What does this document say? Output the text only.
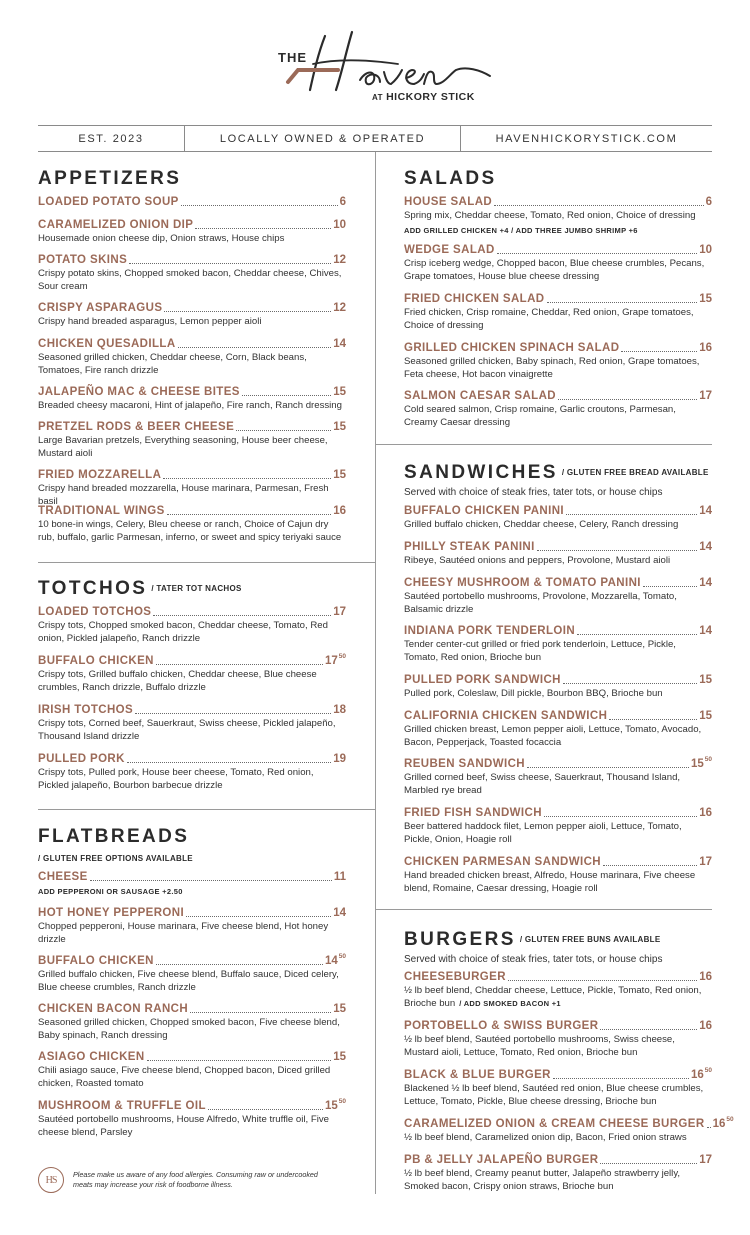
THE
AT HICKORY STICK
EST. 2023	LOCALLY OWNED & OPERATED	HAVENHICKORYSTICK.COM
APPETIZERS
LOADED POTATO SOUP	6
CARAMELIZED ONION DIP	10
Housemade onion cheese dip, Onion straws, House chips
POTATO SKINS	12
Crispy potato skins, Chopped smoked bacon, Cheddar cheese, Chives, Sour cream
CRISPY ASPARAGUS	12
Crispy hand breaded asparagus, Lemon pepper aioli
CHICKEN QUESADILLA	14
Seasoned grilled chicken, Cheddar cheese, Corn, Black beans, Tomatoes, Fire ranch drizzle
JALAPEÑO MAC & CHEESE BITES	15
Breaded cheesy macaroni, Hint of jalapeño, Fire ranch, Ranch dressing
PRETZEL RODS & BEER CHEESE	15
Large Bavarian pretzels, Everything seasoning, House beer cheese, Mustard aioli
FRIED MOZZARELLA	15
Crispy hand breaded mozzarella, House marinara, Parmesan, Fresh basil
TRADITIONAL WINGS	16
10 bone-in wings, Celery, Bleu cheese or ranch, Choice of Cajun dry rub, buffalo, garlic Parmesan, inferno, or sweet and spicy teriyaki sauce
TOTCHOS / TATER TOT NACHOS
LOADED TOTCHOS	17
Crispy tots, Chopped smoked bacon, Cheddar cheese, Tomato, Red onion, Pickled jalapeño, Ranch drizzle
BUFFALO CHICKEN	$17^{50}$
Crispy tots, Grilled buffalo chicken, Cheddar cheese, Blue cheese crumbles, Ranch drizzle, Buffalo drizzle
IRISH TOTCHOS	18
Crispy tots, Corned beef, Sauerkraut, Swiss cheese, Pickled jalapeño, Thousand Island drizzle
PULLED PORK	19
Crispy tots, Pulled pork, House beer cheese, Tomato, Red onion, Pickled jalapeño, Bourbon barbecue drizzle
FLATBREADS
/ GLUTEN FREE OPTIONS AVAILABLE
CHEESE	11
ADD PEPPERONI OR SAUSAGE +2.50
HOT HONEY PEPPERONI	14
Chopped pepperoni, House marinara, Five cheese blend, Hot honey drizzle
BUFFALO CHICKEN	$14^{50}$
Grilled buffalo chicken, Five cheese blend, Buffalo sauce, Diced celery, Blue cheese crumbles, Ranch drizzle
CHICKEN BACON RANCH	15
Seasoned grilled chicken, Chopped smoked bacon, Five cheese blend, Baby spinach, Ranch dressing
ASIAGO CHICKEN	15
Chili asiago sauce, Five cheese blend, Chopped bacon, Diced grilled chicken, Roasted tomato
MUSHROOM & TRUFFLE OIL	$15^{50}$
Sautéed portobello mushrooms, House Alfredo, White truffle oil, Five cheese blend, Parsley
SALADS
HOUSE SALAD	6
Spring mix, Cheddar cheese, Tomato, Red onion, Choice of dressing
ADD GRILLED CHICKEN +4 / ADD THREE JUMBO SHRIMP +6
WEDGE SALAD	10
Crisp iceberg wedge, Chopped bacon, Blue cheese crumbles, Pecans, Grape tomatoes, House blue cheese dressing
FRIED CHICKEN SALAD	15
Fried chicken, Crisp romaine, Cheddar, Red onion, Grape tomatoes, Choice of dressing
GRILLED CHICKEN SPINACH SALAD	16
Seasoned grilled chicken, Baby spinach, Red onion, Grape tomatoes, Feta cheese, Hot bacon vinaigrette
SALMON CAESAR SALAD	17
Cold seared salmon, Crisp romaine, Garlic croutons, Parmesan, Creamy Caesar dressing
SANDWICHES / GLUTEN FREE BREAD AVAILABLE
Served with choice of steak fries, tater tots, or house chips
BUFFALO CHICKEN PANINI	14
Grilled buffalo chicken, Cheddar cheese, Celery, Ranch dressing
PHILLY STEAK PANINI	14
Ribeye, Sautéed onions and peppers, Provolone, Mustard aioli
CHEESY MUSHROOM & TOMATO PANINI	14
Sautéed portobello mushrooms, Provolone, Mozzarella, Tomato, Balsamic drizzle
INDIANA PORK TENDERLOIN	14
Tender center-cut grilled or fried pork tenderloin, Lettuce, Pickle, Tomato, Red onion, Brioche bun
PULLED PORK SANDWICH	15
Pulled pork, Coleslaw, Dill pickle, Bourbon BBQ, Brioche bun
CALIFORNIA CHICKEN SANDWICH	15
Grilled chicken breast, Lemon pepper aioli, Lettuce, Tomato, Avocado, Bacon, Pepperjack, Toasted focaccia
REUBEN SANDWICH	$15^{50}$
Grilled corned beef, Swiss cheese, Sauerkraut, Thousand Island, Marbled rye bread
FRIED FISH SANDWICH	16
Beer battered haddock filet, Lemon pepper aioli, Lettuce, Tomato, Pickle, Onion, Hoagie roll
CHICKEN PARMESAN SANDWICH	17
Hand breaded chicken breast, Alfredo, House marinara, Five cheese blend, Romaine, Caesar dressing, Hoagie roll
BURGERS / GLUTEN FREE BUNS AVAILABLE
Served with choice of steak fries, tater tots, or house chips
CHEESEBURGER	16
½ lb beef blend, Cheddar cheese, Lettuce, Pickle, Tomato, Red onion, Brioche bun / ADD SMOKED BACON +1
PORTOBELLO & SWISS BURGER	16
½ lb beef blend, Sautéed portobello mushrooms, Swiss cheese, Mustard aioli, Lettuce, Tomato, Red onion, Brioche bun
BLACK & BLUE BURGER	$16^{50}$
Blackened ½ lb beef blend, Sautéed red onion, Blue cheese crumbles, Lettuce, Tomato, Pickle, Blue cheese dressing, Brioche bun
CARAMELIZED ONION & CREAM CHEESE BURGER $16^{50}$
½ lb beef blend, Caramelized onion dip, Bacon, Fried onion straws
PB & JELLY JALAPEÑO BURGER	17
½ lb beef blend, Creamy peanut butter, Jalapeño strawberry jelly, Smoked bacon, Crispy onion straws, Brioche bun
HS	Please make us aware of any food allergies. Consuming raw or undercooked meats may increase your risk of foodborne illness.
